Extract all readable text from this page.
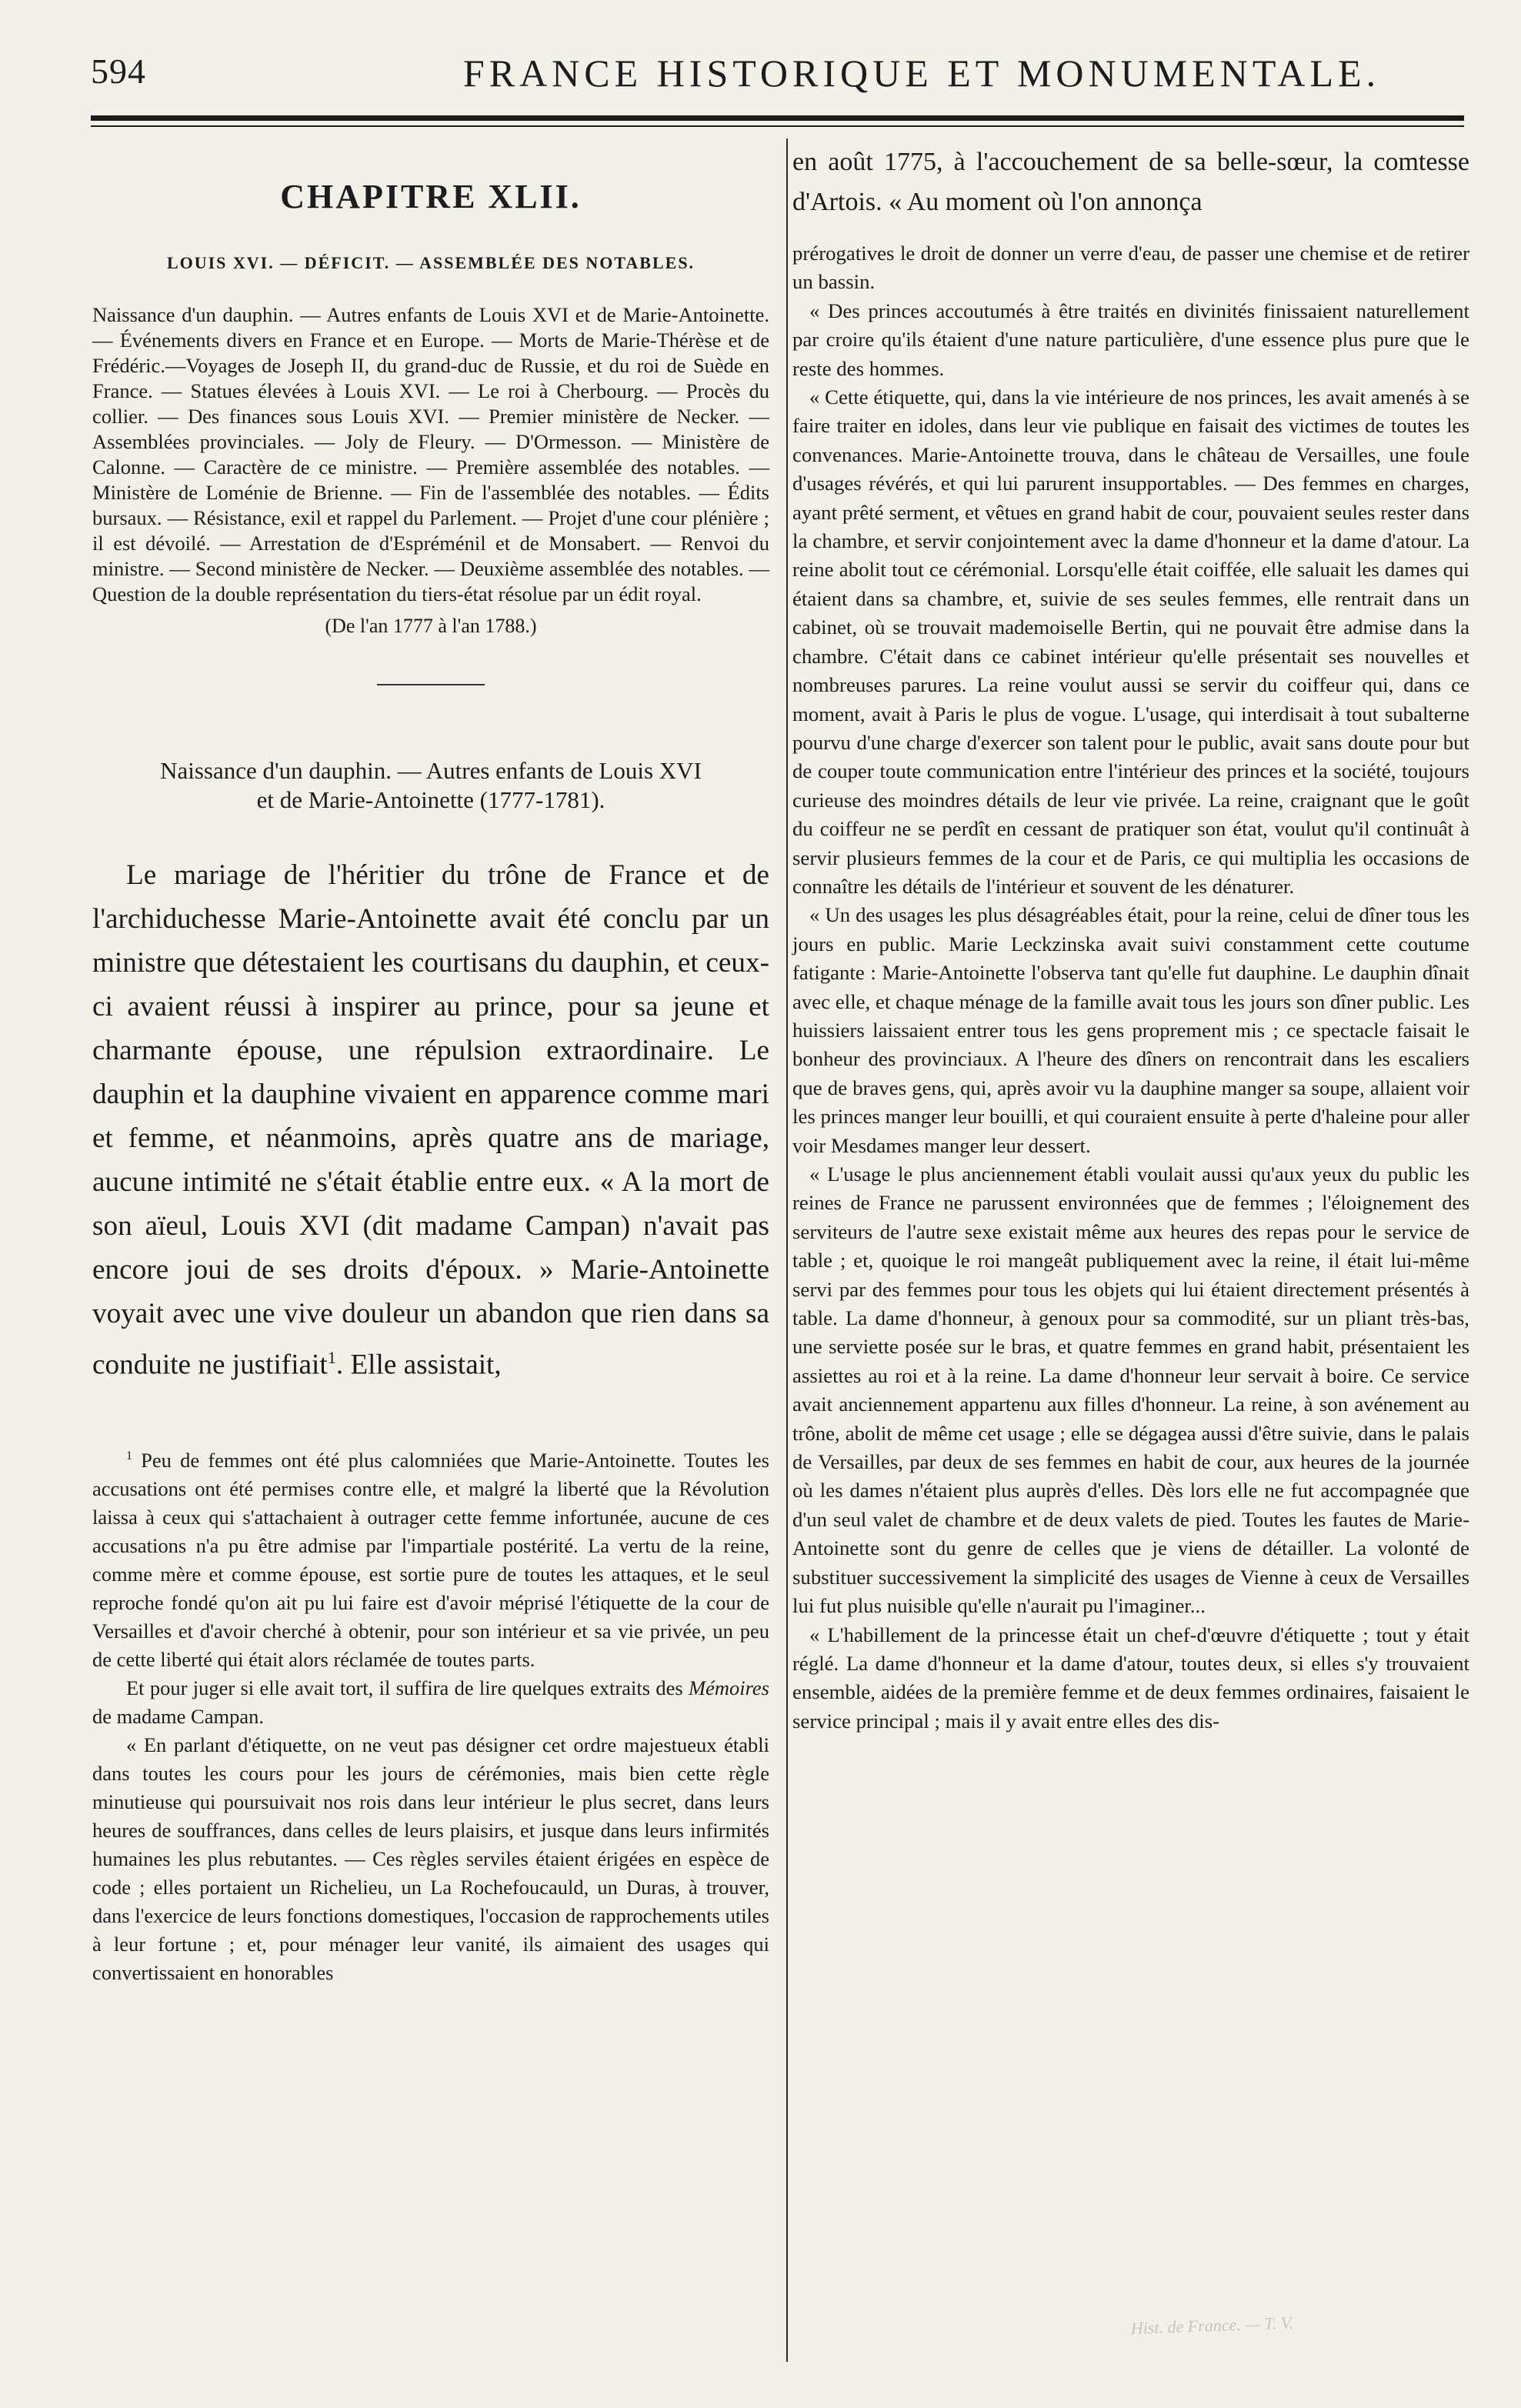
594	FRANCE HISTORIQUE ET MONUMENTALE.
CHAPITRE XLII.
LOUIS XVI. — DÉFICIT. — ASSEMBLÉE DES NOTABLES.

Naissance d'un dauphin. — Autres enfants de Louis XVI et de Marie-Antoinette. — Événements divers en France et en Europe. — Morts de Marie-Thérèse et de Frédéric.—Voyages de Joseph II, du grand-duc de Russie, et du roi de Suède en France. — Statues élevées à Louis XVI. — Le roi à Cherbourg. — Procès du collier. — Des finances sous Louis XVI. — Premier ministère de Necker. — Assemblées provinciales. — Joly de Fleury. — D'Ormesson. — Ministère de Calonne. — Caractère de ce ministre. — Première assemblée des notables. — Ministère de Loménie de Brienne. — Fin de l'assemblée des notables. — Édits bursaux. — Résistance, exil et rappel du Parlement. — Projet d'une cour plénière ; il est dévoilé. — Arrestation de d'Espréménil et de Monsabert. — Renvoi du ministre. — Second ministère de Necker. — Deuxième assemblée des notables. — Question de la double représentation du tiers-état résolue par un édit royal.

(De l'an 1777 à l'an 1788.)
Naissance d'un dauphin. — Autres enfants de Louis XVI
et de Marie-Antoinette (1777-1781).

Le mariage de l'héritier du trône de France et de l'archiduchesse Marie-Antoinette avait été conclu par un ministre que détestaient les courtisans du dauphin, et ceux-ci avaient réussi à inspirer au prince, pour sa jeune et charmante épouse, une répulsion extraordinaire. Le dauphin et la dauphine vivaient en apparence comme mari et femme, et néanmoins, après quatre ans de mariage, aucune intimité ne s'était établie entre eux. « A la mort de son aïeul, Louis XVI (dit madame Campan) n'avait pas encore joui de ses droits d'époux. » Marie-Antoinette voyait avec une vive douleur un abandon que rien dans sa conduite ne justifiait$^1$. Elle assistait,

$^1$ Peu de femmes ont été plus calomniées que Marie-Antoinette. Toutes les accusations ont été permises contre elle, et malgré la liberté que la Révolution laissa à ceux qui s'attachaient à outrager cette femme infortunée, aucune de ces accusations n'a pu être admise par l'impartiale postérité. La vertu de la reine, comme mère et comme épouse, est sortie pure de toutes les attaques, et le seul reproche fondé qu'on ait pu lui faire est d'avoir méprisé l'étiquette de la cour de Versailles et d'avoir cherché à obtenir, pour son intérieur et sa vie privée, un peu de cette liberté qui était alors réclamée de toutes parts.

Et pour juger si elle avait tort, il suffira de lire quelques extraits des Mémoires de madame Campan.

« En parlant d'étiquette, on ne veut pas désigner cet ordre majestueux établi dans toutes les cours pour les jours de cérémonies, mais bien cette règle minutieuse qui poursuivait nos rois dans leur intérieur le plus secret, dans leurs heures de souffrances, dans celles de leurs plaisirs, et jusque dans leurs infirmités humaines les plus rebutantes. — Ces règles serviles étaient érigées en espèce de code ; elles portaient un Richelieu, un La Rochefoucauld, un Duras, à trouver, dans l'exercice de leurs fonctions domestiques, l'occasion de rapprochements utiles à leur fortune ; et, pour ménager leur vanité, ils aimaient des usages qui convertissaient en honorables

en août 1775, à l'accouchement de sa belle-sœur, la comtesse d'Artois. « Au moment où l'on annonça

prérogatives le droit de donner un verre d'eau, de passer une chemise et de retirer un bassin.

« Des princes accoutumés à être traités en divinités finissaient naturellement par croire qu'ils étaient d'une nature particulière, d'une essence plus pure que le reste des hommes.

« Cette étiquette, qui, dans la vie intérieure de nos princes, les avait amenés à se faire traiter en idoles, dans leur vie publique en faisait des victimes de toutes les convenances. Marie-Antoinette trouva, dans le château de Versailles, une foule d'usages révérés, et qui lui parurent insupportables. — Des femmes en charges, ayant prêté serment, et vêtues en grand habit de cour, pouvaient seules rester dans la chambre, et servir conjointement avec la dame d'honneur et la dame d'atour. La reine abolit tout ce cérémonial. Lorsqu'elle était coiffée, elle saluait les dames qui étaient dans sa chambre, et, suivie de ses seules femmes, elle rentrait dans un cabinet, où se trouvait mademoiselle Bertin, qui ne pouvait être admise dans la chambre. C'était dans ce cabinet intérieur qu'elle présentait ses nouvelles et nombreuses parures. La reine voulut aussi se servir du coiffeur qui, dans ce moment, avait à Paris le plus de vogue. L'usage, qui interdisait à tout subalterne pourvu d'une charge d'exercer son talent pour le public, avait sans doute pour but de couper toute communication entre l'intérieur des princes et la société, toujours curieuse des moindres détails de leur vie privée. La reine, craignant que le goût du coiffeur ne se perdît en cessant de pratiquer son état, voulut qu'il continuât à servir plusieurs femmes de la cour et de Paris, ce qui multiplia les occasions de connaître les détails de l'intérieur et souvent de les dénaturer.

« Un des usages les plus désagréables était, pour la reine, celui de dîner tous les jours en public. Marie Leckzinska avait suivi constamment cette coutume fatigante : Marie-Antoinette l'observa tant qu'elle fut dauphine. Le dauphin dînait avec elle, et chaque ménage de la famille avait tous les jours son dîner public. Les huissiers laissaient entrer tous les gens proprement mis ; ce spectacle faisait le bonheur des provinciaux. A l'heure des dîners on rencontrait dans les escaliers que de braves gens, qui, après avoir vu la dauphine manger sa soupe, allaient voir les princes manger leur bouilli, et qui couraient ensuite à perte d'haleine pour aller voir Mesdames manger leur dessert.

« L'usage le plus anciennement établi voulait aussi qu'aux yeux du public les reines de France ne parussent environnées que de femmes ; l'éloignement des serviteurs de l'autre sexe existait même aux heures des repas pour le service de table ; et, quoique le roi mangeât publiquement avec la reine, il était lui-même servi par des femmes pour tous les objets qui lui étaient directement présentés à table. La dame d'honneur, à genoux pour sa commodité, sur un pliant très-bas, une serviette posée sur le bras, et quatre femmes en grand habit, présentaient les assiettes au roi et à la reine. La dame d'honneur leur servait à boire. Ce service avait anciennement appartenu aux filles d'honneur. La reine, à son avénement au trône, abolit de même cet usage ; elle se dégagea aussi d'être suivie, dans le palais de Versailles, par deux de ses femmes en habit de cour, aux heures de la journée où les dames n'étaient plus auprès d'elles. Dès lors elle ne fut accompagnée que d'un seul valet de chambre et de deux valets de pied. Toutes les fautes de Marie-Antoinette sont du genre de celles que je viens de détailler. La volonté de substituer successivement la simplicité des usages de Vienne à ceux de Versailles lui fut plus nuisible qu'elle n'aurait pu l'imaginer...

« L'habillement de la princesse était un chef-d'œuvre d'étiquette ; tout y était réglé. La dame d'honneur et la dame d'atour, toutes deux, si elles s'y trouvaient ensemble, aidées de la première femme et de deux femmes ordinaires, faisaient le service principal ; mais il y avait entre elles des dis-

Hist. de France. — T. V.
